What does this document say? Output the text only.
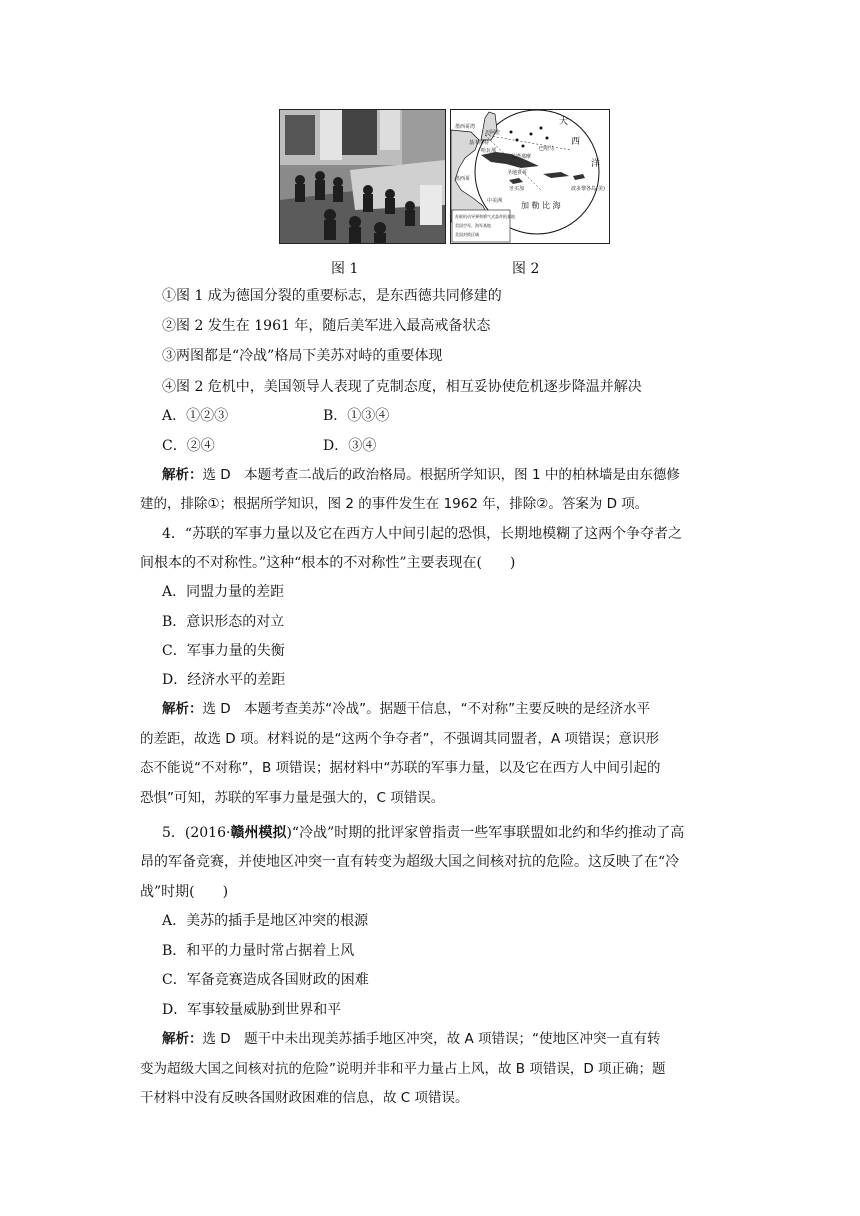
大
西
洋
加 勒 比 海
墨西哥湾
迈阿密
基韦斯特
哈瓦那
关塔那摩
牙买加
墨西哥
波多黎各岛(美)
巴哈马
圣地亚哥
中美洲
苏联机动导弹和喷气式轰炸机基地
美国空军、海军基地
美国封锁区域
图 1	图 2
①图 1 成为德国分裂的重要标志，是东西德共同修建的
②图 2 发生在 1961 年，随后美军进入最高戒备状态
③两图都是“冷战”格局下美苏对峙的重要体现
④图 2 危机中，美国领导人表现了克制态度，相互妥协使危机逐步降温并解决
A．①②③	B．①③④
C．②④	D．③④
解析：选 D　本题考查二战后的政治格局。根据所学知识，图 1 中的柏林墙是由东德修
建的，排除①；根据所学知识，图 2 的事件发生在 1962 年，排除②。答案为 D 项。
4．“苏联的军事力量以及它在西方人中间引起的恐惧，长期地模糊了这两个争夺者之
间根本的不对称性。”这种“根本的不对称性”主要表现在(　　)
A．同盟力量的差距
B．意识形态的对立
C．军事力量的失衡
D．经济水平的差距
解析：选 D　本题考查美苏“冷战”。据题干信息，“不对称”主要反映的是经济水平
的差距，故选 D 项。材料说的是“这两个争夺者”，不强调其同盟者，A 项错误；意识形
态不能说“不对称”，B 项错误；据材料中“苏联的军事力量，以及它在西方人中间引起的
恐惧”可知，苏联的军事力量是强大的，C 项错误。
5．(2016·赣州模拟)“冷战”时期的批评家曾指责一些军事联盟如北约和华约推动了高
昂的军备竞赛，并使地区冲突一直有转变为超级大国之间核对抗的危险。这反映了在“冷
战”时期(　　)
A．美苏的插手是地区冲突的根源
B．和平的力量时常占据着上风
C．军备竞赛造成各国财政的困难
D．军事较量威胁到世界和平
解析：选 D　题干中未出现美苏插手地区冲突，故 A 项错误；“使地区冲突一直有转
变为超级大国之间核对抗的危险”说明并非和平力量占上风，故 B 项错误，D 项正确；题
干材料中没有反映各国财政困难的信息，故 C 项错误。
